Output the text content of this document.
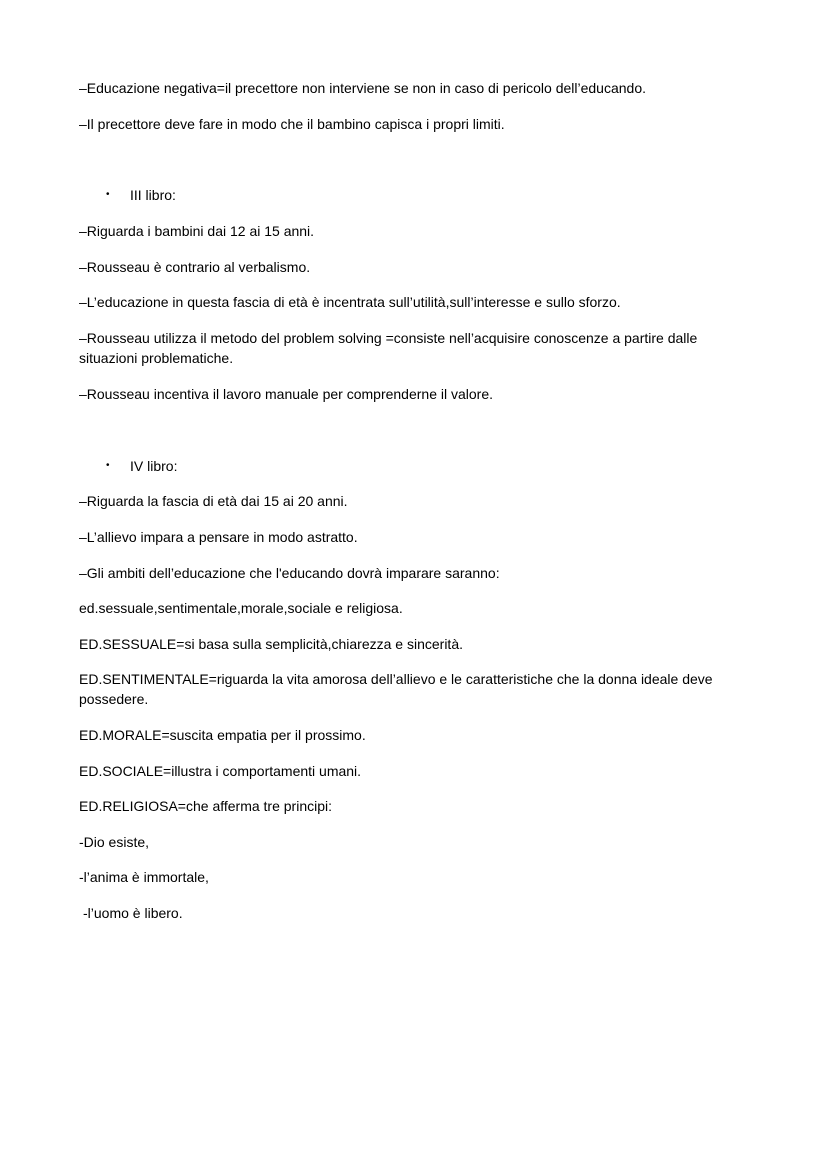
–Educazione negativa=il precettore non interviene se non in caso di pericolo dell’educando.
–Il precettore deve fare in modo che il bambino capisca i propri limiti.
• III libro:
–Riguarda i bambini dai 12 ai 15 anni.
–Rousseau è contrario al verbalismo.
–L’educazione in questa fascia di età è incentrata sull’utilità,sull’interesse e sullo sforzo.
–Rousseau utilizza il metodo del problem solving =consiste nell’acquisire conoscenze a partire dalle
situazioni problematiche.
–Rousseau incentiva il lavoro manuale per comprenderne il valore.
• IV libro:
–Riguarda la fascia di età dai 15 ai 20 anni.
–L’allievo impara a pensare in modo astratto.
–Gli ambiti dell’educazione che l'educando dovrà imparare saranno:
ed.sessuale,sentimentale,morale,sociale e religiosa.
ED.SESSUALE=si basa sulla semplicità,chiarezza e sincerità.
ED.SENTIMENTALE=riguarda la vita amorosa dell’allievo e le caratteristiche che la donna ideale deve
possedere.
ED.MORALE=suscita empatia per il prossimo.
ED.SOCIALE=illustra i comportamenti umani.
ED.RELIGIOSA=che afferma tre principi:
-Dio esiste,
-l’anima è immortale,
-l’uomo è libero.
